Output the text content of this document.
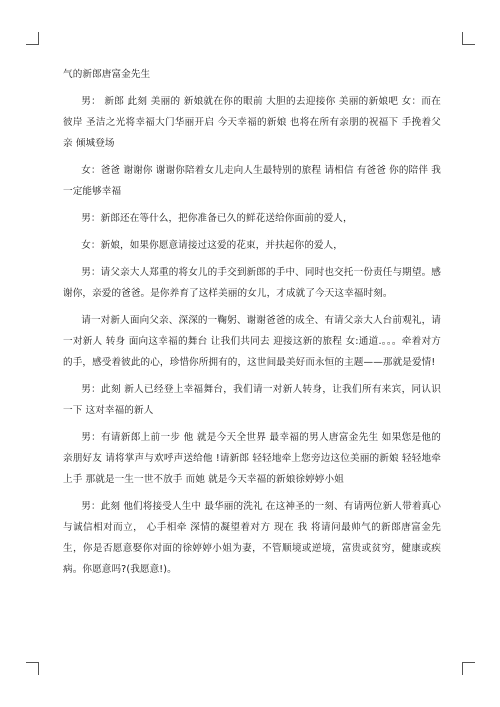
气的新郎唐富金先生

男： 新郎 此刻 美丽的 新娘就在你的眼前 大胆的去迎接你 美丽的新娘吧 女：而在彼岸 圣洁之光将幸福大门华丽开启 今天幸福的新娘 也将在所有亲朋的祝福下 手挽着父亲 倾城登场

女：爸爸 谢谢你 谢谢你陪着女儿走向人生最特别的旅程 请相信 有爸爸 你的陪伴 我一定能够幸福

男：新郎还在等什么，把你准备已久的鲜花送给你面前的爱人，

女：新娘，如果你愿意请接过这爱的花束，并扶起你的爱人，

男：请父亲大人郑重的将女儿的手交到新郎的手中、同时也交托一份责任与期望。感谢你，亲爱的爸爸。是你养育了这样美丽的女儿，才成就了今天这幸福时刻。

请一对新人面向父亲、深深的一鞠躬、谢谢爸爸的成全、有请父亲大人台前观礼，请一对新人 转身 面向这幸福的舞台 让我们共同去 迎接这新的旅程 女:通道.。。。牵着对方的手，感受着彼此的心，珍惜你所拥有的，这世间最美好而永恒的主题——那就是爱情!

男：此刻 新人已经登上幸福舞台，我们请一对新人转身，让我们所有来宾，同认识一下 这对幸福的新人

男：有请新郎上前一步 他 就是今天全世界 最幸福的男人唐富金先生 如果您是他的亲朋好友 请将掌声与欢呼声送给他 !请新郎 轻轻地牵上您旁边这位美丽的新娘 轻轻地牵上手 那就是一生一世不放手 而她 就是今天幸福的新娘徐婷婷小姐

男：此刻 他们将接受人生中 最华丽的洗礼 在这神圣的一刻、有请两位新人带着真心与诚信相对而立， 心手相牵 深情的凝望着对方 现在 我 将请问最帅气的新郎唐富金先生，你是否愿意娶你对面的徐婷婷小姐为妻，不管顺境或逆境，富贵或贫穷，健康或疾病。你愿意吗?(我愿意!)。
